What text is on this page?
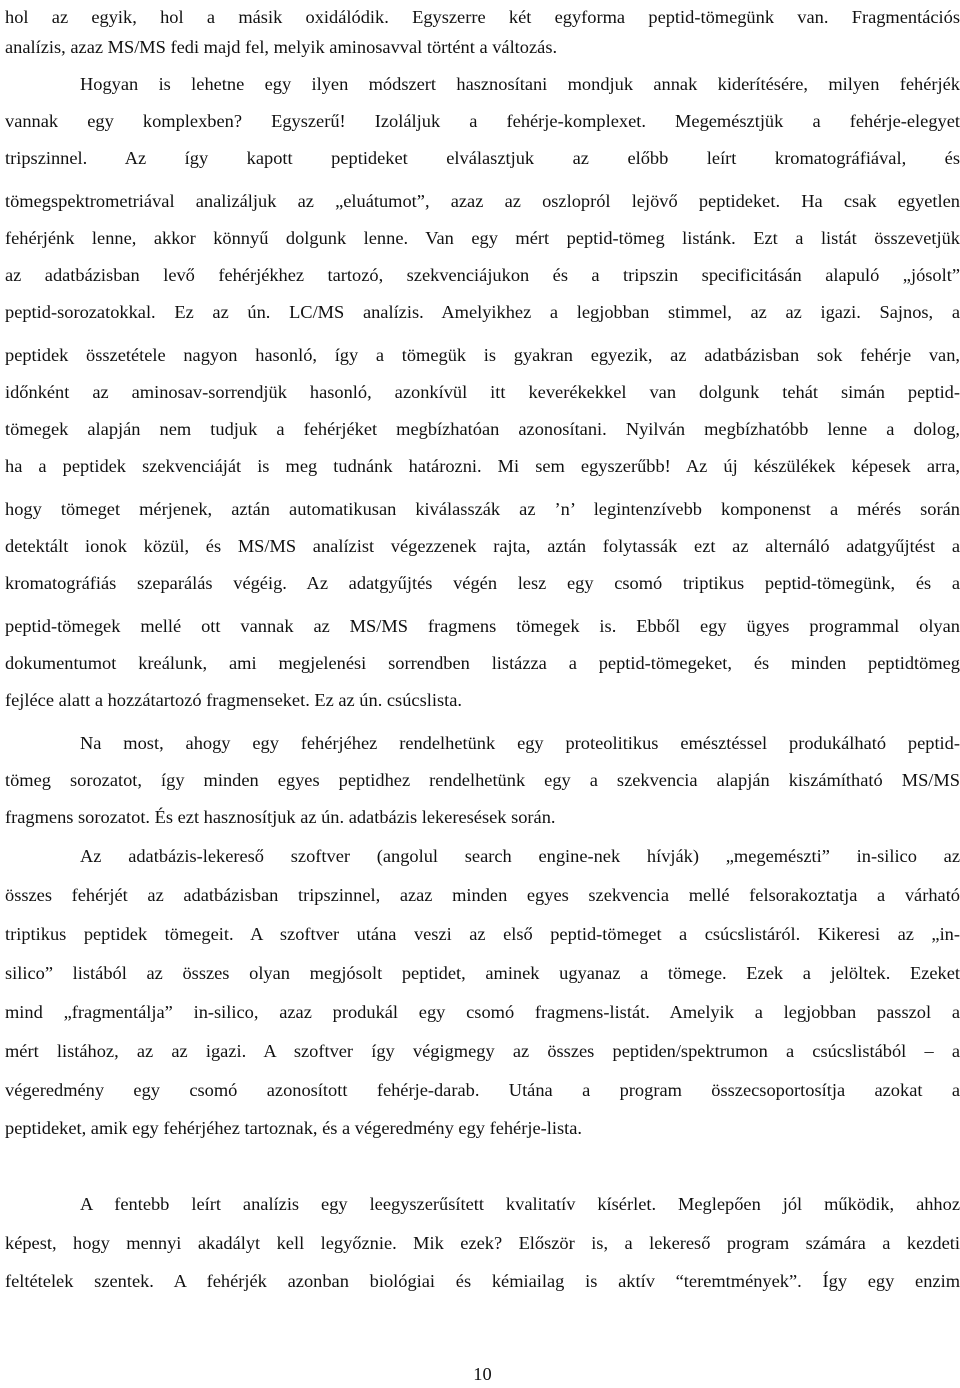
hol az egyik, hol a másik oxidálódik. Egyszerre két egyforma peptid-tömegünk van. Fragmentációs
analízis, azaz MS/MS fedi majd fel, melyik aminosavval történt a változás.
Hogyan is lehetne egy ilyen módszert hasznosítani mondjuk annak kiderítésére, milyen fehérjék
vannak egy komplexben? Egyszerű! Izoláljuk a fehérje-komplexet. Megemésztjük a fehérje-elegyet
tripszinnel. Az így kapott peptideket elválasztjuk az előbb leírt kromatográfiával, és
tömegspektrometriával analizáljuk az „eluátumot”, azaz az oszlopról lejövő peptideket. Ha csak egyetlen
fehérjénk lenne, akkor könnyű dolgunk lenne. Van egy mért peptid-tömeg listánk. Ezt a listát összevetjük
az adatbázisban levő fehérjékhez tartozó, szekvenciájukon és a tripszin specificitásán alapuló „jósolt”
peptid-sorozatokkal. Ez az ún. LC/MS analízis. Amelyikhez a legjobban stimmel, az az igazi. Sajnos, a
peptidek összetétele nagyon hasonló, így a tömegük is gyakran egyezik, az adatbázisban sok fehérje van,
időnként az aminosav-sorrendjük hasonló, azonkívül itt keverékekkel van dolgunk tehát simán peptid-
tömegek alapján nem tudjuk a fehérjéket megbízhatóan azonosítani. Nyilván megbízhatóbb lenne a dolog,
ha a peptidek szekvenciáját is meg tudnánk határozni. Mi sem egyszerűbb! Az új készülékek képesek arra,
hogy tömeget mérjenek, aztán automatikusan kiválasszák az ’n’ legintenzívebb komponenst a mérés során
detektált ionok közül, és MS/MS analízist végezzenek rajta, aztán folytassák ezt az alternáló adatgyűjtést a
kromatográfiás szeparálás végéig. Az adatgyűjtés végén lesz egy csomó triptikus peptid-tömegünk, és a
peptid-tömegek mellé ott vannak az MS/MS fragmens tömegek is. Ebből egy ügyes programmal olyan
dokumentumot kreálunk, ami megjelenési sorrendben listázza a peptid-tömegeket, és minden peptidtömeg
fejléce alatt a hozzátartozó fragmenseket. Ez az ún. csúcslista.
Na most, ahogy egy fehérjéhez rendelhetünk egy proteolitikus emésztéssel produkálható peptid-
tömeg sorozatot, így minden egyes peptidhez rendelhetünk egy a szekvencia alapján kiszámítható MS/MS
fragmens sorozatot. És ezt hasznosítjuk az ún. adatbázis lekeresések során.
Az adatbázis-lekereső szoftver (angolul search engine-nek hívják) „megemészti” in-silico az
összes fehérjét az adatbázisban tripszinnel, azaz minden egyes szekvencia mellé felsorakoztatja a várható
triptikus peptidek tömegeit. A szoftver utána veszi az első peptid-tömeget a csúcslistáról. Kikeresi az „in-
silico” listából az összes olyan megjósolt peptidet, aminek ugyanaz a tömege. Ezek a jelöltek. Ezeket
mind „fragmentálja” in-silico, azaz produkál egy csomó fragmens-listát. Amelyik a legjobban passzol a
mért listához, az az igazi. A szoftver így végigmegy az összes peptiden/spektrumon a csúcslistából – a
végeredmény egy csomó azonosított fehérje-darab. Utána a program összecsoportosítja azokat a
peptideket, amik egy fehérjéhez tartoznak, és a végeredmény egy fehérje-lista.
A fentebb leírt analízis egy leegyszerűsített kvalitatív kísérlet. Meglepően jól működik, ahhoz
képest, hogy mennyi akadályt kell legyőznie. Mik ezek? Először is, a lekereső program számára a kezdeti
feltételek szentek. A fehérjék azonban biológiai és kémiailag is aktív “teremtmények”. Így egy enzim
10
